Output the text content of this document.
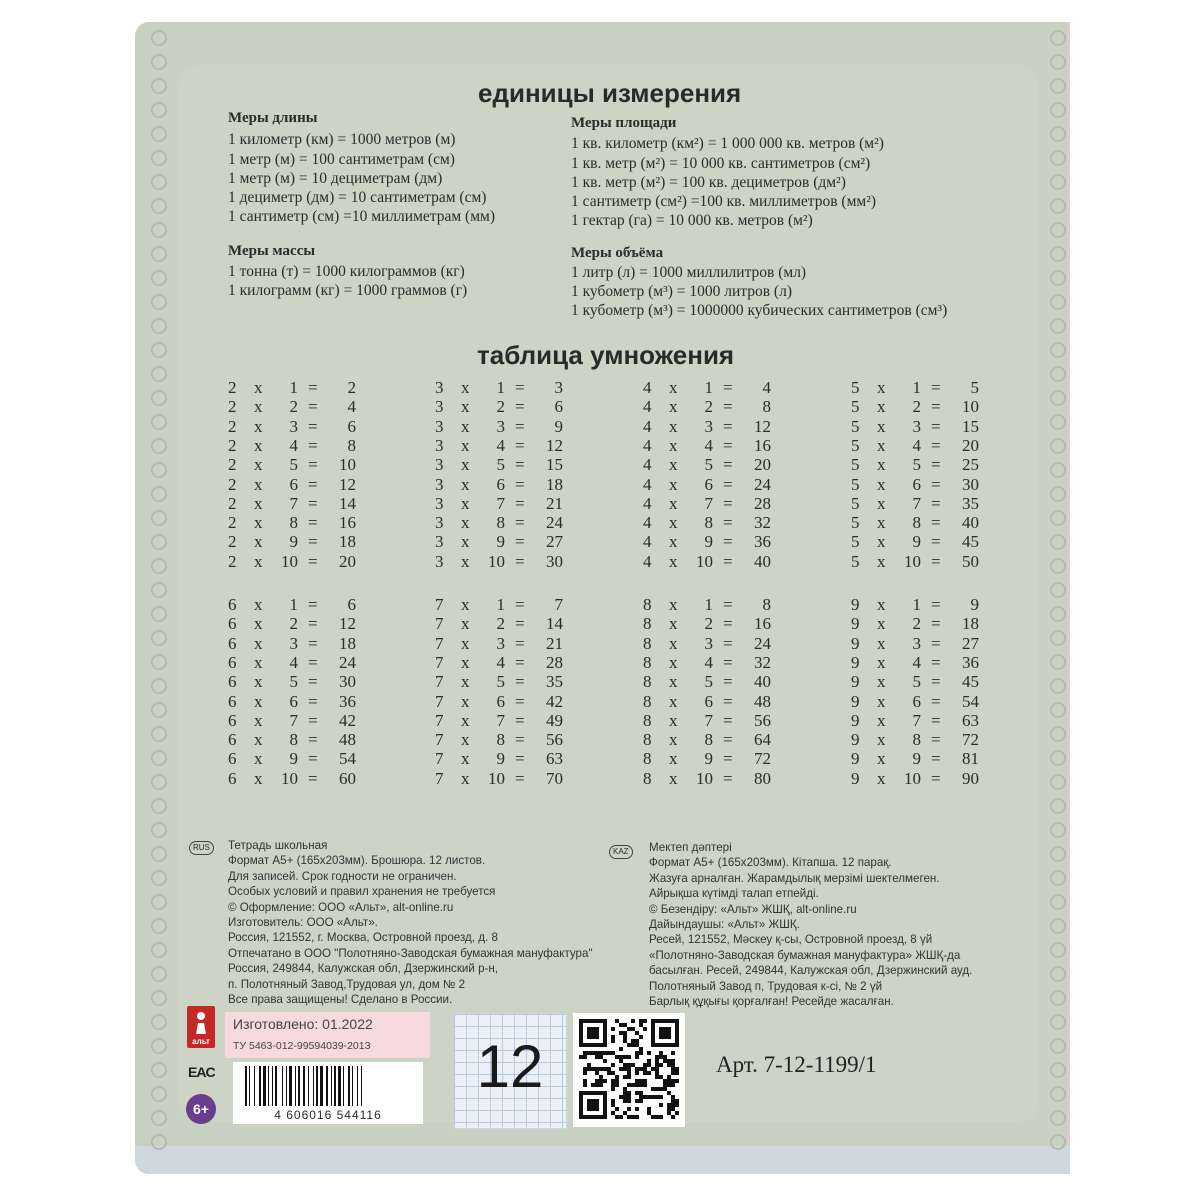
единицы измерения
Меры длины
1 километр (км) = 1000 метров (м)
1 метр (м) = 100 сантиметрам (см)
1 метр (м) = 10 дециметрам (дм)
1 дециметр (дм) = 10 сантиметрам (см)
1 сантиметр (см) =10 миллиметрам (мм)
Меры массы
1 тонна (т) = 1000 килограммов (кг)
1 килограмм (кг) = 1000 граммов (г)
Меры площади
1 кв. километр (км²) = 1 000 000 кв. метров (м²)
1 кв. метр (м²) = 10 000 кв. сантиметров (см²)
1 кв. метр (м²) = 100 кв. дециметров (дм²)
1 сантиметр (см²) =100 кв. миллиметров (мм²)
1 гектар (га) = 10 000 кв. метров (м²)
Меры объёма
1 литр (л) = 1000 миллилитров (мл)
1 кубометр (м³) = 1000 литров (л)
1 кубометр (м³) = 1000000 кубических сантиметров (см³)
таблица умножения
2 x	1 =	2
2 x	2 =	4
2 x	3 =	6
2 x	4 =	8
2 x	5 =	10
2 x	6 =	12
2 x	7 =	14
2 x	8 =	16
2 x	9 =	18
2 x 10 =	20
3 x	1 =	3
3 x	2 =	6
3 x	3 =	9
3 x	4 =	12
3 x	5 =	15
3 x	6 =	18
3 x	7 =	21
3 x	8 =	24
3 x	9 =	27
3 x 10 =	30
4 x	1 =	4
4 x	2 =	8
4 x	3 =	12
4 x	4 =	16
4 x	5 =	20
4 x	6 =	24
4 x	7 =	28
4 x	8 =	32
4 x	9 =	36
4 x 10 =	40
5 x	1 =	5
5 x	2 =	10
5 x	3 =	15
5 x	4 =	20
5 x	5 =	25
5 x	6 =	30
5 x	7 =	35
5 x	8 =	40
5 x	9 =	45
5 x 10 =	50
6 x	1 =	6
6 x	2 =	12
6 x	3 =	18
6 x	4 =	24
6 x	5 =	30
6 x	6 =	36
6 x	7 =	42
6 x	8 =	48
6 x	9 =	54
6 x 10 =	60
7 x	1 =	7
7 x	2 =	14
7 x	3 =	21
7 x	4 =	28
7 x	5 =	35
7 x	6 =	42
7 x	7 =	49
7 x	8 =	56
7 x	9 =	63
7 x 10 =	70
8 x	1 =	8
8 x	2 =	16
8 x	3 =	24
8 x	4 =	32
8 x	5 =	40
8 x	6 =	48
8 x	7 =	56
8 x	8 =	64
8 x	9 =	72
8 x 10 =	80
9 x	1 =	9
9 x	2 =	18
9 x	3 =	27
9 x	4 =	36
9 x	5 =	45
9 x	6 =	54
9 x	7 =	63
9 x	8 =	72
9 x	9 =	81
9 x 10 =	90
RUS	Тетрадь школьная
Формат А5+ (165х203мм). Брошюра. 12 листов.
Для записей. Срок годности не ограничен.
Особых условий и правил хранения не требуется
© Оформление: ООО «Альт», alt-online.ru
Изготовитель: ООО «Альт».
Россия, 121552, г. Москва, Островной проезд, д. 8
Отпечатано в ООО "Полотняно-Заводская бумажная мануфактура"
Россия, 249844, Калужская обл, Дзержинский р-н,
п. Полотняный Завод,Трудовая ул, дом № 2
Все права защищены! Сделано в России.
KAZ	Мектеп дәптері
Формат А5+ (165х203мм). Кітапша. 12 парақ.
Жазуға арналған. Жарамдылық мерзімі шектелмеген.
Айрықша күтімді талап етпейді.
© Безендіру: «Альт» ЖШҚ, alt-online.ru
Дайындаушы: «Альт» ЖШҚ.
Ресей, 121552, Мәскеу қ-сы, Островной проезд, 8 үй
«Полотняно-Заводская бумажная мануфактура» ЖШҚ-да
басылған. Ресей, 249844, Калужская обл, Дзержинский ауд.
Полотняный Завод п, Трудовая к-сі, № 2 үй
Барлық құқығы қорғалған! Ресейде жасалған.
альт
EAC
6+
Изготовлено: 01.2022
ТУ 5463-012-99594039-2013
4 606016 544116
12	Арт. 7-12-1199/1
